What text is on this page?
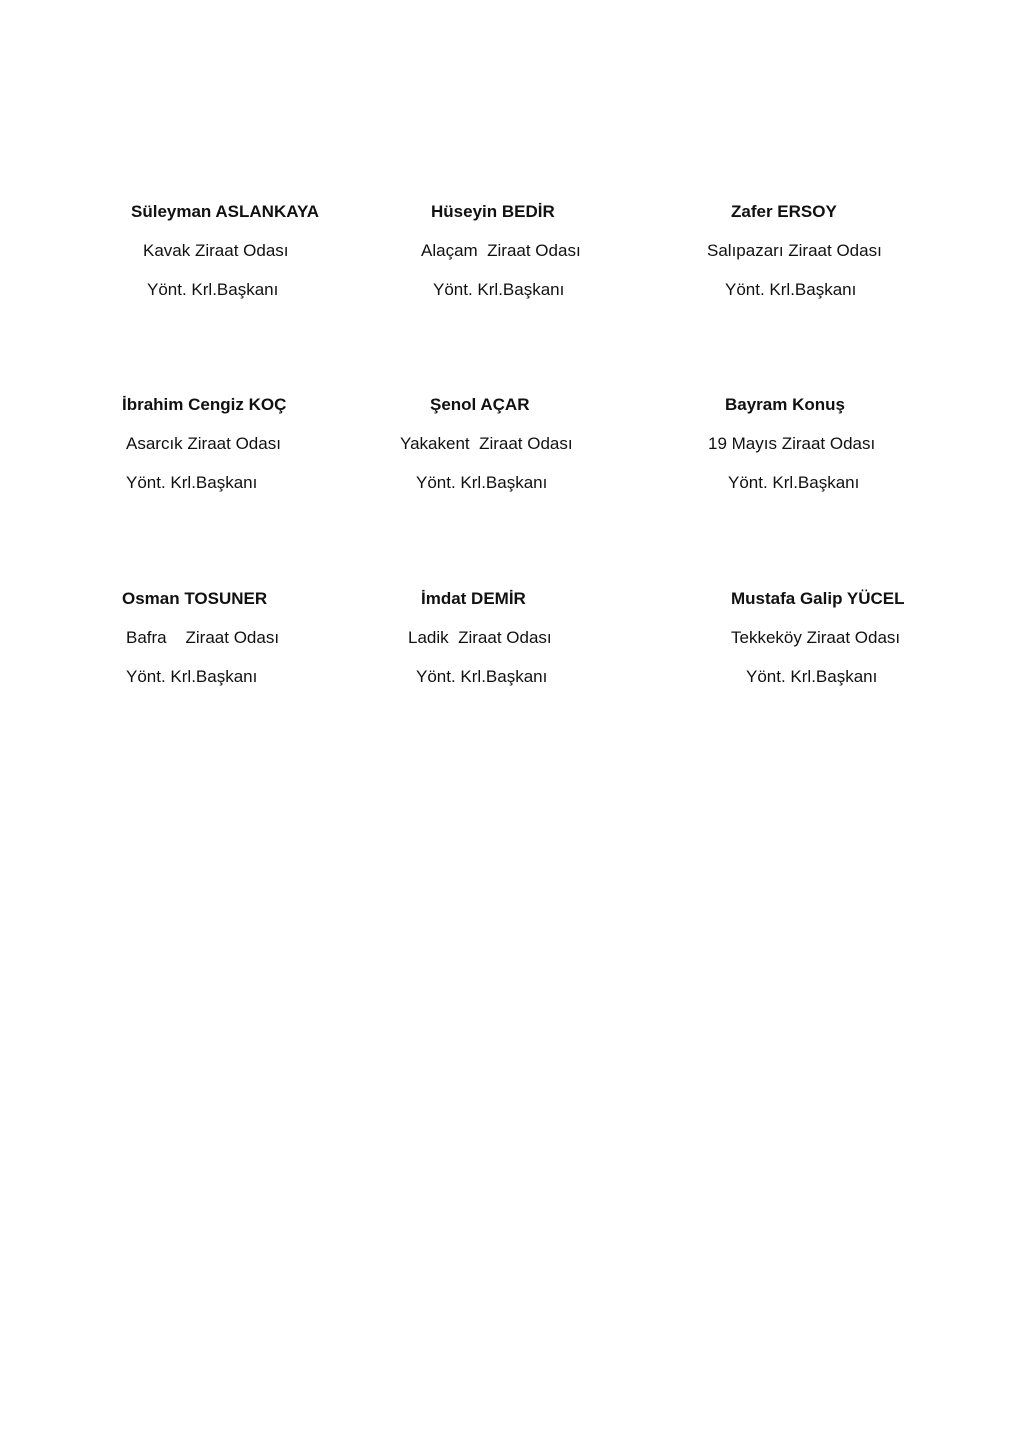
Süleyman ASLANKAYA

Kavak Ziraat Odası

Yönt. Krl.Başkanı

Hüseyin BEDİR

Alaçam  Ziraat Odası

Yönt. Krl.Başkanı

Zafer ERSOY

Salıpazarı Ziraat Odası

Yönt. Krl.Başkanı

İbrahim Cengiz KOÇ

Asarcık Ziraat Odası

Yönt. Krl.Başkanı

Şenol AÇAR

Yakakent  Ziraat Odası

Yönt. Krl.Başkanı

Bayram Konuş

19 Mayıs Ziraat Odası

Yönt. Krl.Başkanı

Osman TOSUNER

Bafra    Ziraat Odası

Yönt. Krl.Başkanı

İmdat DEMİR

Ladik  Ziraat Odası

Yönt. Krl.Başkanı

Mustafa Galip YÜCEL

Tekkeköy Ziraat Odası

Yönt. Krl.Başkanı
